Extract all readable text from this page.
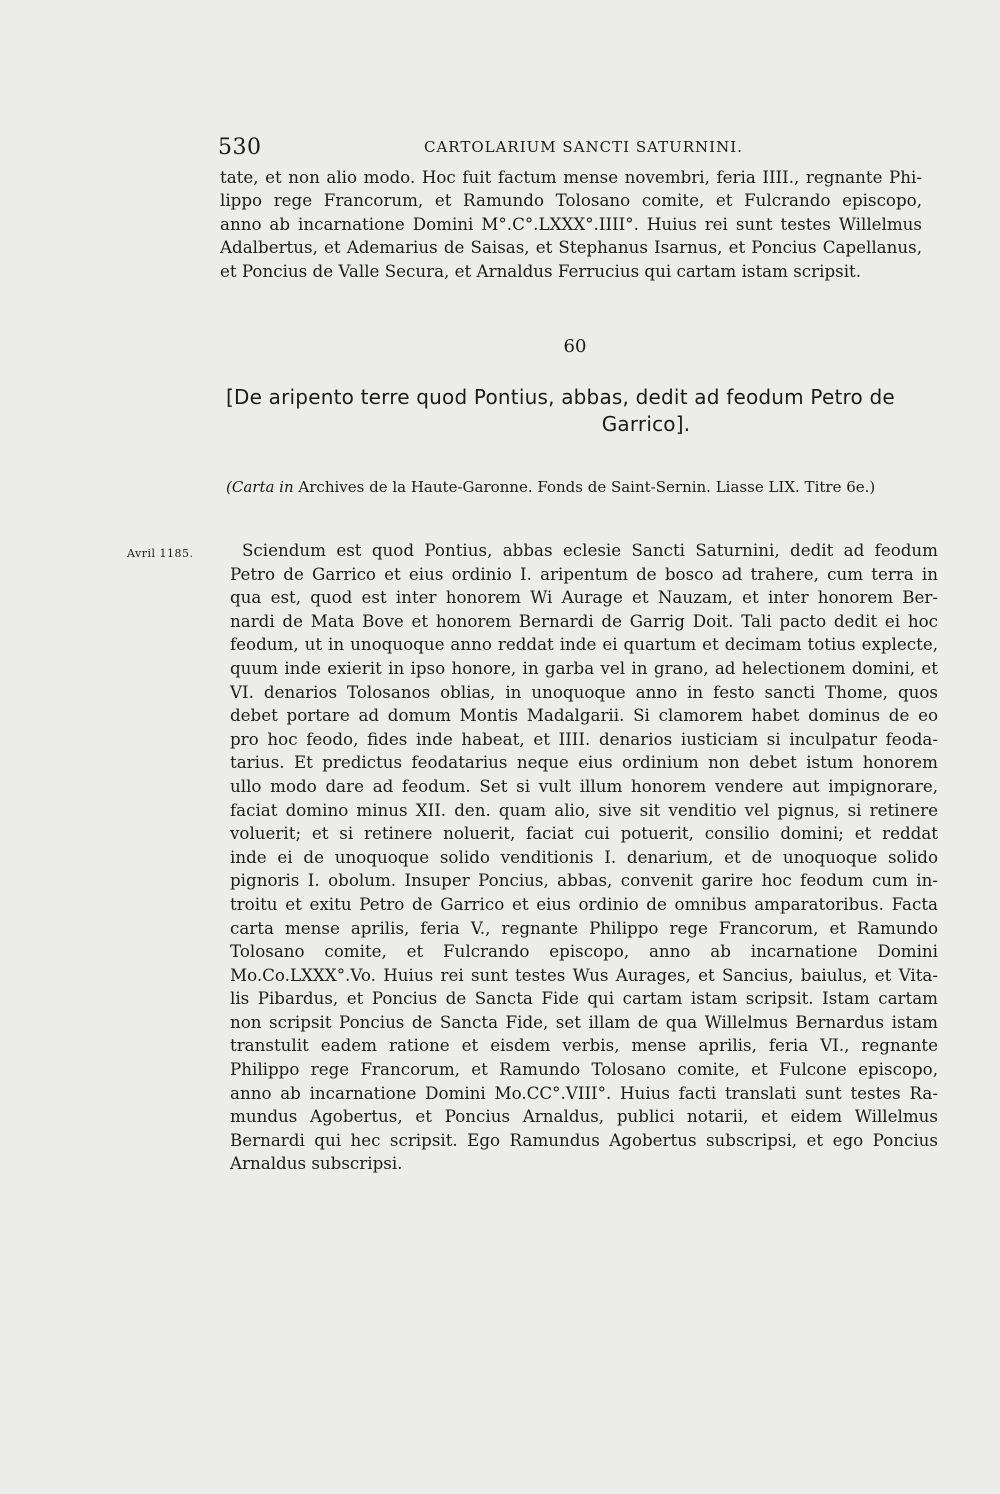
530	CARTOLARIUM SANCTI SATURNINI.
tate, et non alio modo. Hoc fuit factum mense novembri, feria IIII., regnante Phi-
lippo rege Francorum, et Ramundo Tolosano comite, et Fulcrando episcopo,
anno ab incarnatione Domini M°.C°.LXXX°.IIII°. Huius rei sunt testes Willelmus
Adalbertus, et Ademarius de Saisas, et Stephanus Isarnus, et Poncius Capellanus,
et Poncius de Valle Secura, et Arnaldus Ferrucius qui cartam istam scripsit.
60
[De aripento terre quod Pontius, abbas, dedit ad feodum Petro de
Garrico].
(Carta in Archives de la Haute-Garonne. Fonds de Saint-Sernin. Liasse LIX. Titre 6e.)
Avril 1185.	Sciendum est quod Pontius, abbas eclesie Sancti Saturnini, dedit ad feodum
Petro de Garrico et eius ordinio I. aripentum de bosco ad trahere, cum terra in
qua est, quod est inter honorem Wi Aurage et Nauzam, et inter honorem Ber-
nardi de Mata Bove et honorem Bernardi de Garrig Doit. Tali pacto dedit ei hoc
feodum, ut in unoquoque anno reddat inde ei quartum et decimam totius explecte,
quum inde exierit in ipso honore, in garba vel in grano, ad helectionem domini, et
VI. denarios Tolosanos oblias, in unoquoque anno in festo sancti Thome, quos
debet portare ad domum Montis Madalgarii. Si clamorem habet dominus de eo
pro hoc feodo, fides inde habeat, et IIII. denarios iusticiam si inculpatur feoda-
tarius. Et predictus feodatarius neque eius ordinium non debet istum honorem
ullo modo dare ad feodum. Set si vult illum honorem vendere aut impignorare,
faciat domino minus XII. den. quam alio, sive sit venditio vel pignus, si retinere
voluerit; et si retinere noluerit, faciat cui potuerit, consilio domini; et reddat
inde ei de unoquoque solido venditionis I. denarium, et de unoquoque solido
pignoris I. obolum. Insuper Poncius, abbas, convenit garire hoc feodum cum in-
troitu et exitu Petro de Garrico et eius ordinio de omnibus amparatoribus. Facta
carta mense aprilis, feria V., regnante Philippo rege Francorum, et Ramundo
Tolosano comite, et Fulcrando episcopo, anno ab incarnatione Domini
Mo.Co.LXXX°.Vo. Huius rei sunt testes Wus Aurages, et Sancius, baiulus, et Vita-
lis Pibardus, et Poncius de Sancta Fide qui cartam istam scripsit. Istam cartam
non scripsit Poncius de Sancta Fide, set illam de qua Willelmus Bernardus istam
transtulit eadem ratione et eisdem verbis, mense aprilis, feria VI., regnante
Philippo rege Francorum, et Ramundo Tolosano comite, et Fulcone episcopo,
anno ab incarnatione Domini Mo.CC°.VIII°. Huius facti translati sunt testes Ra-
mundus Agobertus, et Poncius Arnaldus, publici notarii, et eidem Willelmus
Bernardi qui hec scripsit. Ego Ramundus Agobertus subscripsi, et ego Poncius
Arnaldus subscripsi.
